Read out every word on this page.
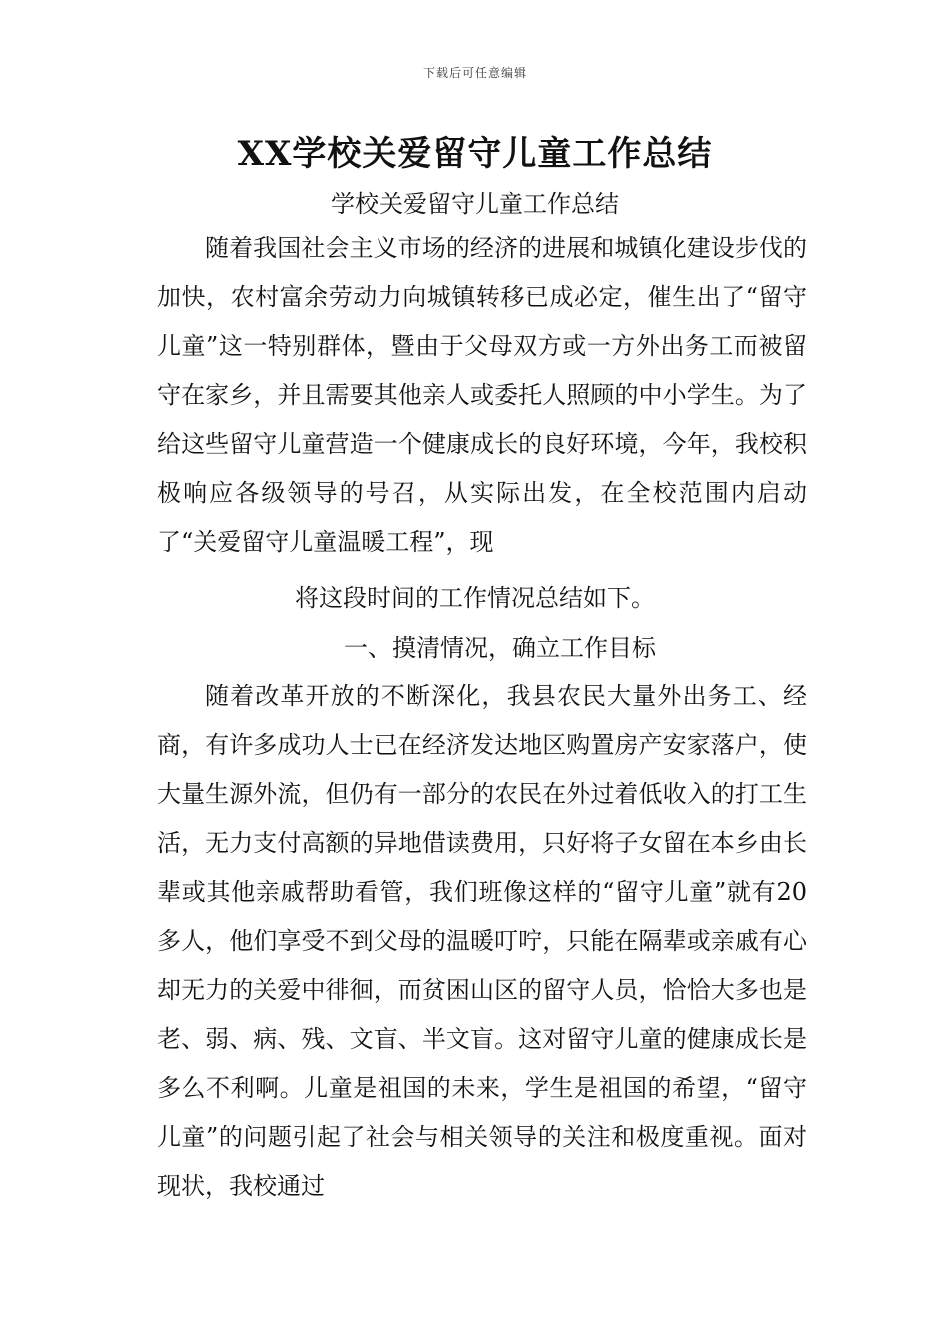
下载后可任意编辑
XX学校关爱留守儿童工作总结
学校关爱留守儿童工作总结

随着我国社会主义市场的经济的进展和城镇化建设步伐的加快，农村富余劳动力向城镇转移已成必定，催生出了“留守儿童”这一特别群体，暨由于父母双方或一方外出务工而被留守在家乡，并且需要其他亲人或委托人照顾的中小学生。为了给这些留守儿童营造一个健康成长的良好环境，今年，我校积极响应各级领导的号召，从实际出发，在全校范围内启动了“关爱留守儿童温暖工程”，现

将这段时间的工作情况总结如下。
一、摸清情况，确立工作目标

随着改革开放的不断深化，我县农民大量外出务工、经商，有许多成功人士已在经济发达地区购置房产安家落户，使大量生源外流，但仍有一部分的农民在外过着低收入的打工生活，无力支付高额的异地借读费用，只好将子女留在本乡由长辈或其他亲戚帮助看管，我们班像这样的“留守儿童”就有20多人，他们享受不到父母的温暖叮咛，只能在隔辈或亲戚有心却无力的关爱中徘徊，而贫困山区的留守人员，恰恰大多也是老、弱、病、残、文盲、半文盲。这对留守儿童的健康成长是多么不利啊。儿童是祖国的未来，学生是祖国的希望，“留守儿童”的问题引起了社会与相关领导的关注和极度重视。面对现状，我校通过
